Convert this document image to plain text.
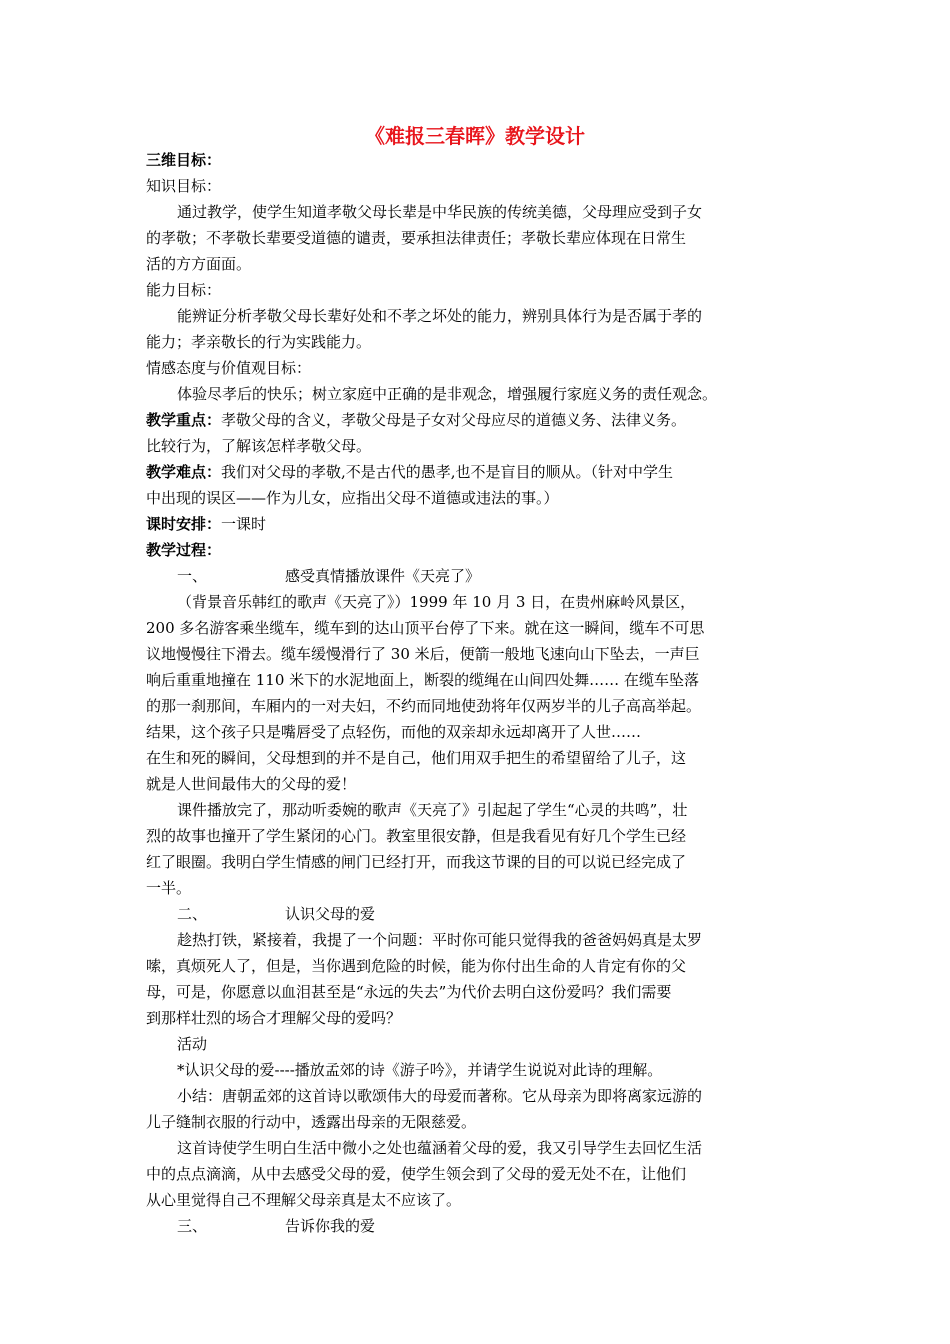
《难报三春晖》教学设计
三维目标：
知识目标：
通过教学，使学生知道孝敬父母长辈是中华民族的传统美德，父母理应受到子女
的孝敬；不孝敬长辈要受道德的谴责，要承担法律责任；孝敬长辈应体现在日常生
活的方方面面。
能力目标：
能辨证分析孝敬父母长辈好处和不孝之坏处的能力，辨别具体行为是否属于孝的
能力；孝亲敬长的行为实践能力。
情感态度与价值观目标：
体验尽孝后的快乐；树立家庭中正确的是非观念，增强履行家庭义务的责任观念。
教学重点：孝敬父母的含义，孝敬父母是子女对父母应尽的道德义务、法律义务。
比较行为，了解该怎样孝敬父母。
教学难点：我们对父母的孝敬,不是古代的愚孝,也不是盲目的顺从。（针对中学生
中出现的误区——作为儿女，应指出父母不道德或违法的事。）
课时安排：一课时
教学过程：
一、	感受真情播放课件《天亮了》
（背景音乐韩红的歌声《天亮了》）1999 年 10 月 3 日，在贵州麻岭风景区，
200 多名游客乘坐缆车，缆车到的达山顶平台停了下来。就在这一瞬间，缆车不可思
议地慢慢往下滑去。缆车缓慢滑行了 30 米后，便箭一般地飞速向山下坠去，一声巨
响后重重地撞在 110 米下的水泥地面上，断裂的缆绳在山间四处舞…… 在缆车坠落
的那一刹那间，车厢内的一对夫妇，不约而同地使劲将年仅两岁半的儿子高高举起。
结果，这个孩子只是嘴唇受了点轻伤，而他的双亲却永远却离开了人世……
在生和死的瞬间，父母想到的并不是自己，他们用双手把生的希望留给了儿子，这
就是人世间最伟大的父母的爱！
课件播放完了，那动听委婉的歌声《天亮了》引起起了学生“心灵的共鸣”，壮
烈的故事也撞开了学生紧闭的心门。教室里很安静，但是我看见有好几个学生已经
红了眼圈。我明白学生情感的闸门已经打开，而我这节课的目的可以说已经完成了
一半。
二、	认识父母的爱
趁热打铁，紧接着，我提了一个问题：平时你可能只觉得我的爸爸妈妈真是太罗
嗦，真烦死人了，但是，当你遇到危险的时候，能为你付出生命的人肯定有你的父
母，可是，你愿意以血泪甚至是“永远的失去”为代价去明白这份爱吗？我们需要
到那样壮烈的场合才理解父母的爱吗？
活动
*认识父母的爱----播放孟郊的诗《游子吟》，并请学生说说对此诗的理解。
小结：唐朝孟郊的这首诗以歌颂伟大的母爱而著称。它从母亲为即将离家远游的
儿子缝制衣服的行动中，透露出母亲的无限慈爱。
这首诗使学生明白生活中微小之处也蕴涵着父母的爱，我又引导学生去回忆生活
中的点点滴滴，从中去感受父母的爱，使学生领会到了父母的爱无处不在，让他们
从心里觉得自己不理解父母亲真是太不应该了。
三、	告诉你我的爱
